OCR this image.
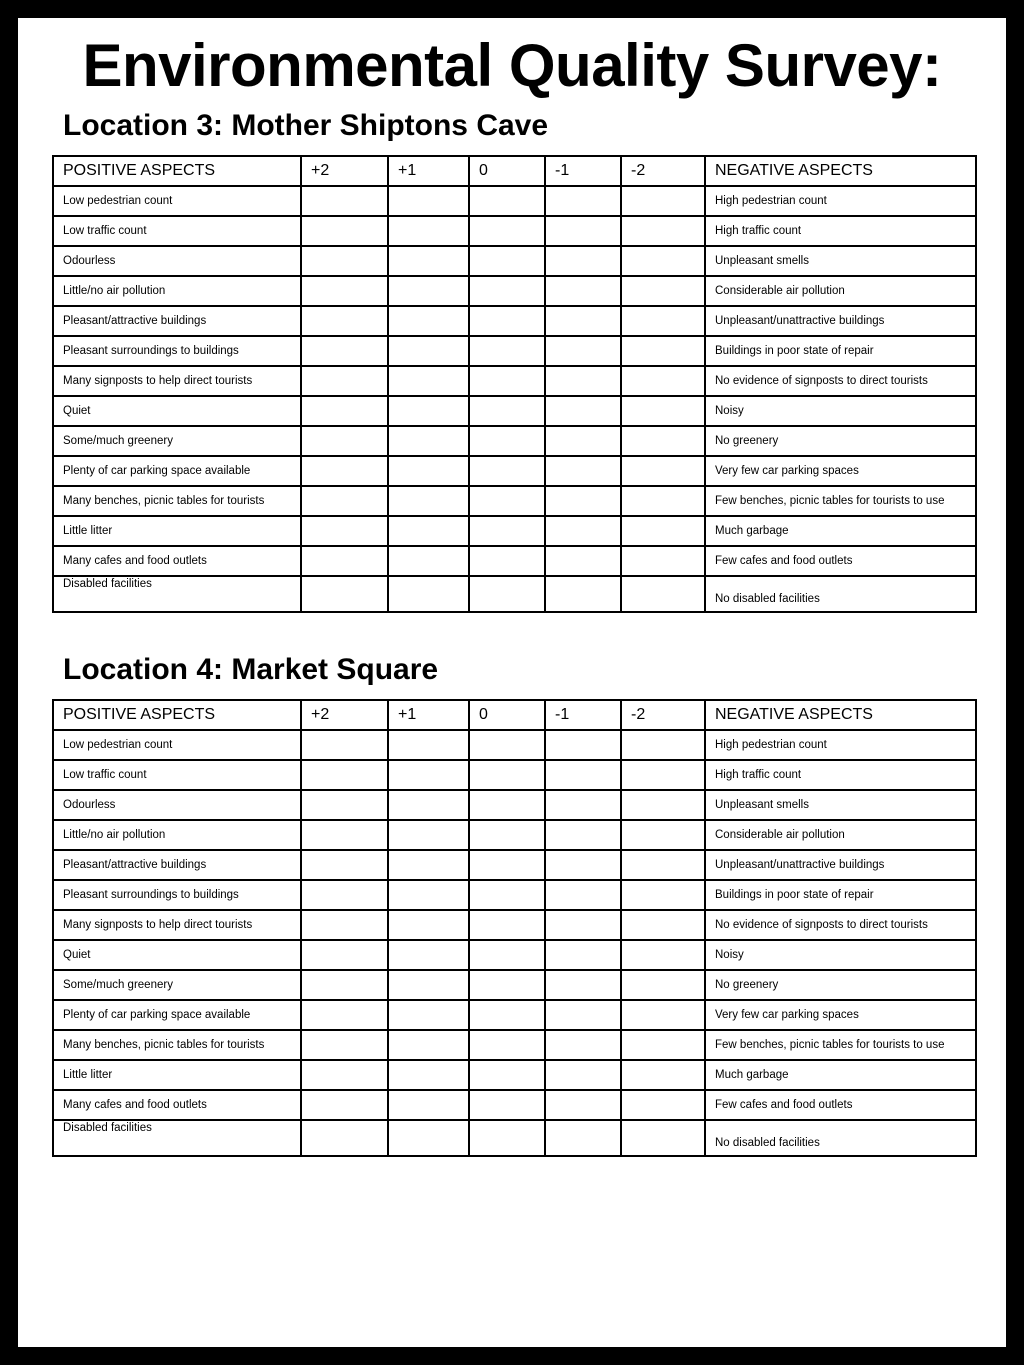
Environmental Quality Survey:
Location 3: Mother Shiptons Cave
POSITIVE ASPECTS	+2	+1	0	-1	-2	NEGATIVE ASPECTS
Low pedestrian count						High pedestrian count
Low traffic count						High traffic count
Odourless						Unpleasant smells
Little/no air pollution						Considerable air pollution
Pleasant/attractive buildings						Unpleasant/unattractive buildings
Pleasant surroundings to buildings						Buildings in poor state of repair
Many signposts to help direct tourists						No evidence of signposts to direct tourists
Quiet						Noisy
Some/much greenery						No greenery
Plenty of car parking space available						Very few car parking spaces
Many benches, picnic tables for tourists						Few benches, picnic tables for tourists to use
Little litter						Much garbage
Many cafes and food outlets						Few cafes and food outlets
Disabled facilities						No disabled facilities
Location 4: Market Square
POSITIVE ASPECTS	+2	+1	0	-1	-2	NEGATIVE ASPECTS
Low pedestrian count						High pedestrian count
Low traffic count						High traffic count
Odourless						Unpleasant smells
Little/no air pollution						Considerable air pollution
Pleasant/attractive buildings						Unpleasant/unattractive buildings
Pleasant surroundings to buildings						Buildings in poor state of repair
Many signposts to help direct tourists						No evidence of signposts to direct tourists
Quiet						Noisy
Some/much greenery						No greenery
Plenty of car parking space available						Very few car parking spaces
Many benches, picnic tables for tourists						Few benches, picnic tables for tourists to use
Little litter						Much garbage
Many cafes and food outlets						Few cafes and food outlets
Disabled facilities						No disabled facilities
